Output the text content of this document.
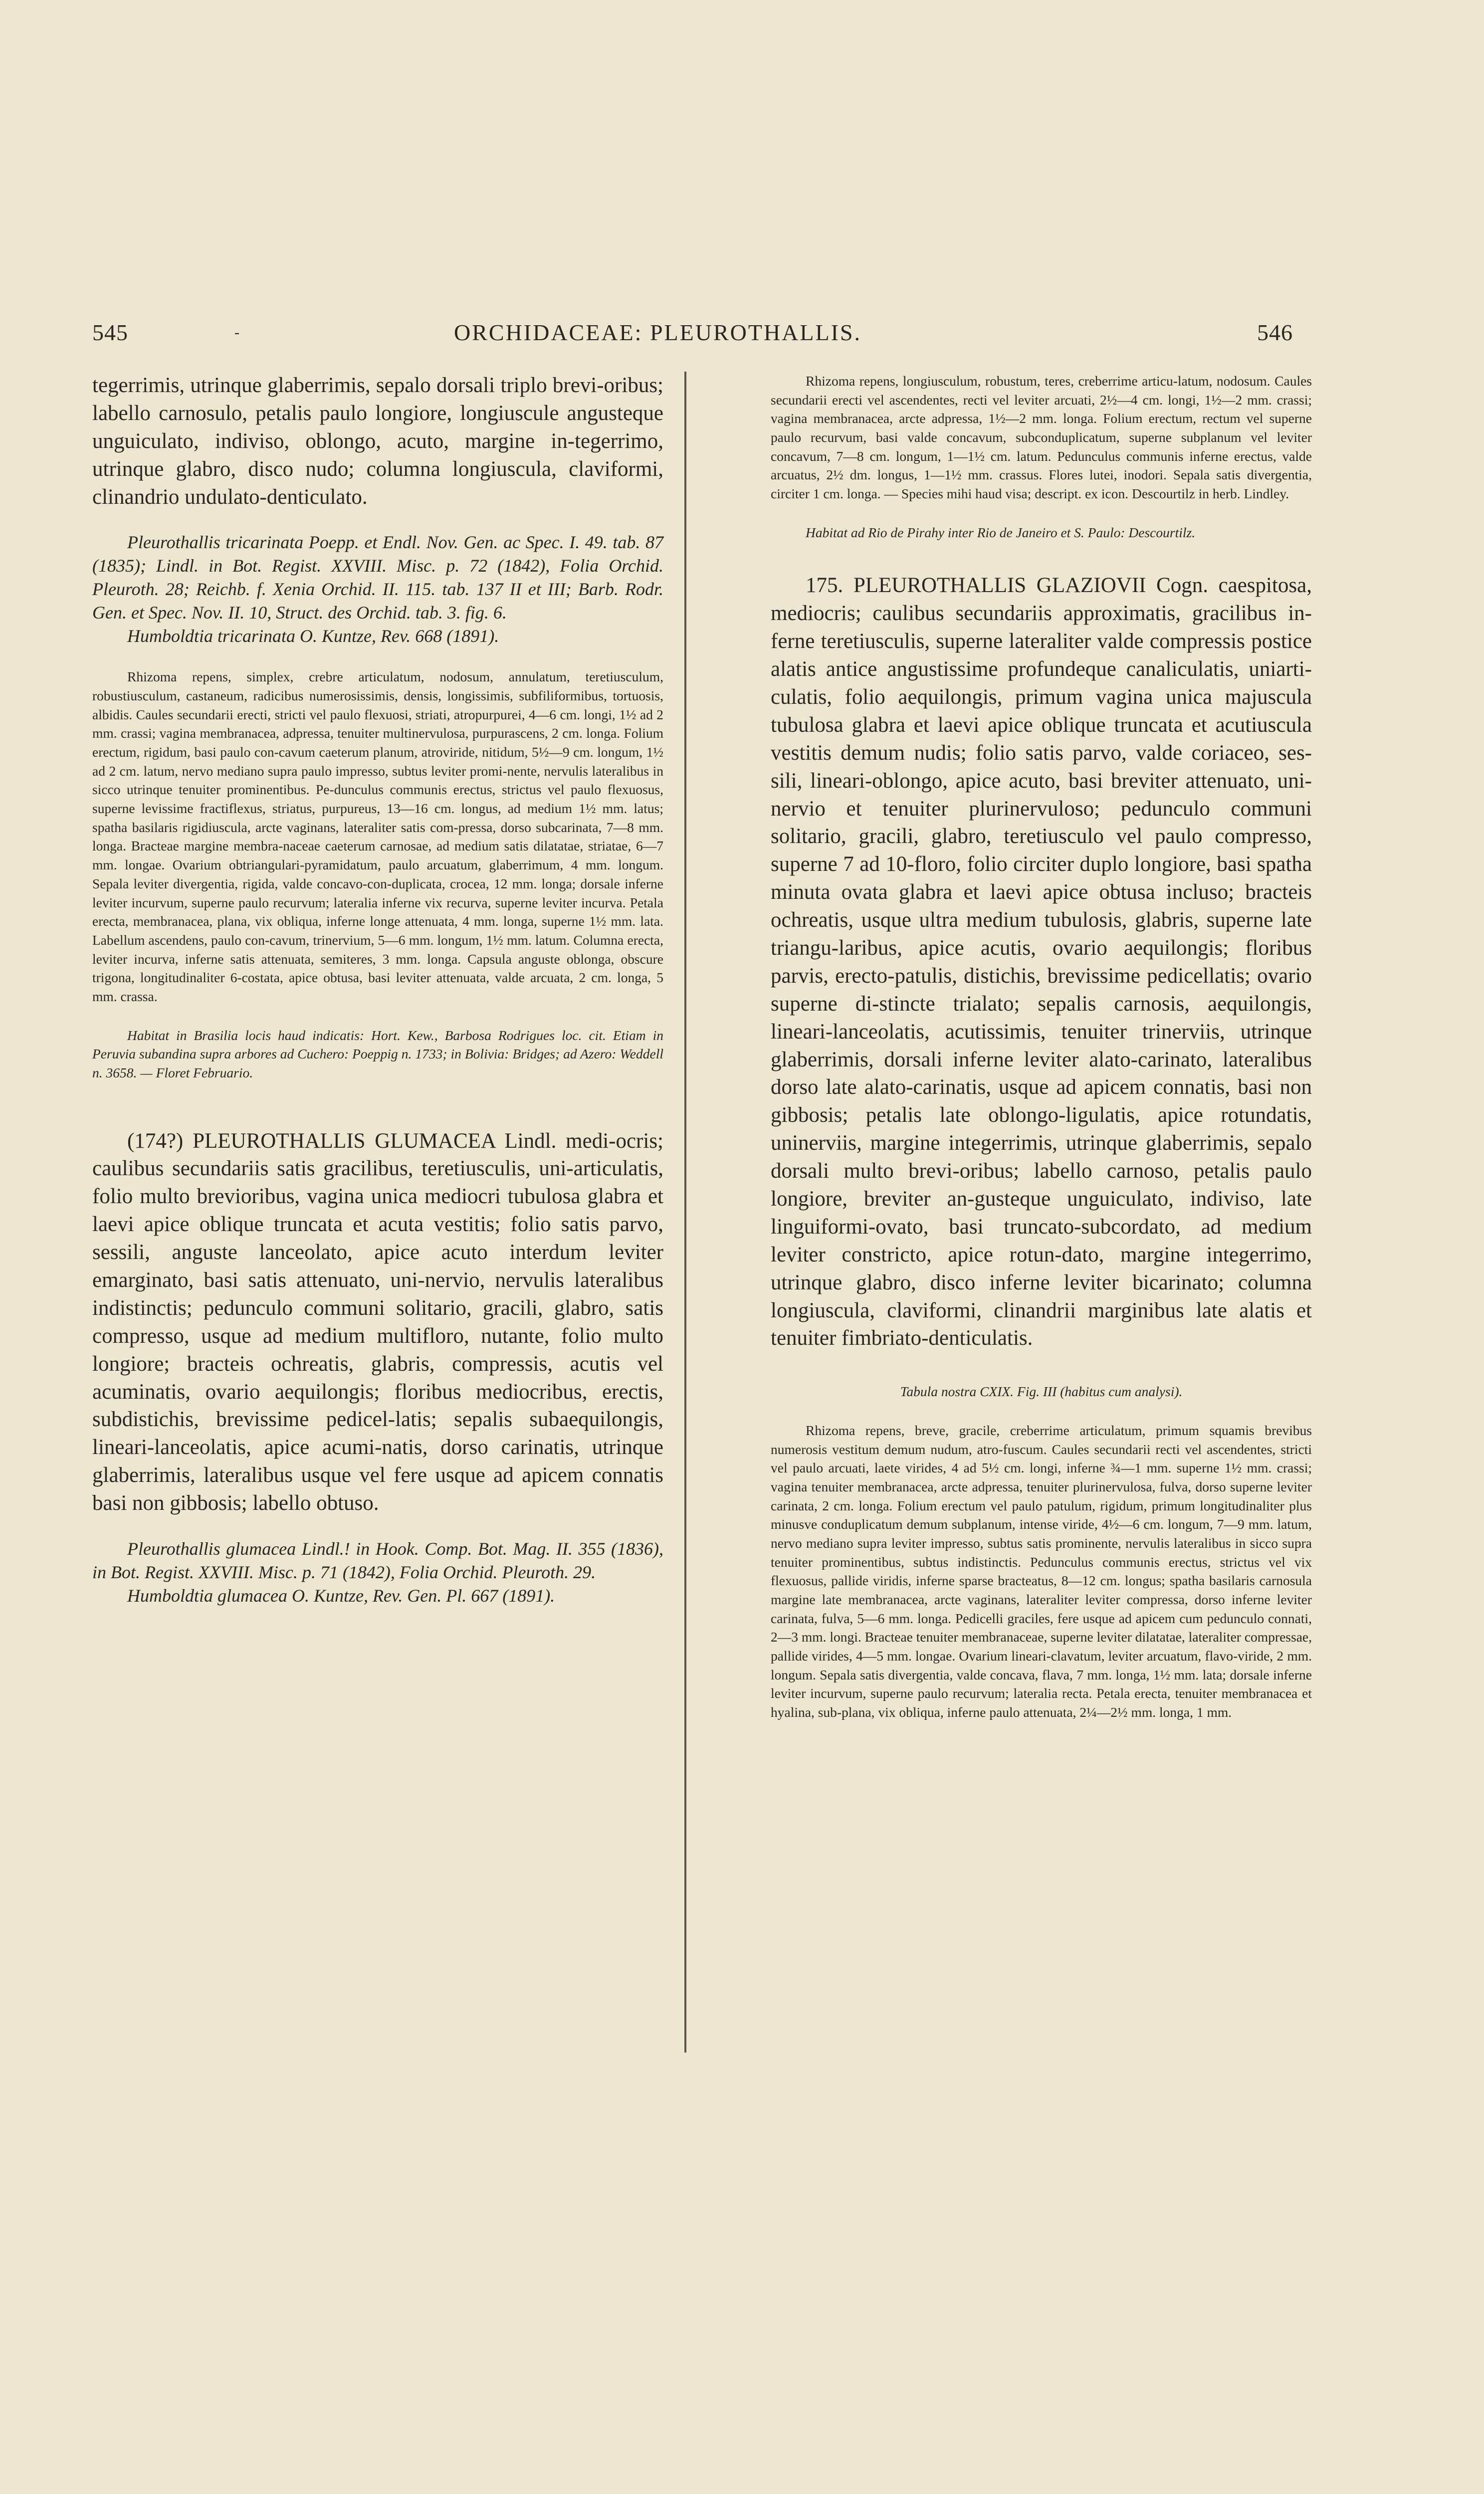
545	-	ORCHIDACEAE: PLEUROTHALLIS.	546

tegerrimis, utrinque glaberrimis, sepalo dorsali triplo brevi-oribus; labello carnosulo, petalis paulo longiore, longiuscule angusteque unguiculato, indiviso, oblongo, acuto, margine in-tegerrimo, utrinque glabro, disco nudo; columna longiuscula, claviformi, clinandrio undulato-denticulato.

Pleurothallis tricarinata Poepp. et Endl. Nov. Gen. ac Spec. I. 49. tab. 87 (1835); Lindl. in Bot. Regist. XXVIII. Misc. p. 72 (1842), Folia Orchid. Pleuroth. 28; Reichb. f. Xenia Orchid. II. 115. tab. 137 II et III; Barb. Rodr. Gen. et Spec. Nov. II. 10, Struct. des Orchid. tab. 3. fig. 6.

Humboldtia tricarinata O. Kuntze, Rev. 668 (1891).

Rhizoma repens, simplex, crebre articulatum, nodosum, annulatum, teretiusculum, robustiusculum, castaneum, radicibus numerosissimis, densis, longissimis, subfiliformibus, tortuosis, albidis. Caules secundarii erecti, stricti vel paulo flexuosi, striati, atropurpurei, 4—6 cm. longi, 1½ ad 2 mm. crassi; vagina membranacea, adpressa, tenuiter multinervulosa, purpurascens, 2 cm. longa. Folium erectum, rigidum, basi paulo con-cavum caeterum planum, atroviride, nitidum, 5½—9 cm. longum, 1½ ad 2 cm. latum, nervo mediano supra paulo impresso, subtus leviter promi-nente, nervulis lateralibus in sicco utrinque tenuiter prominentibus. Pe-dunculus communis erectus, strictus vel paulo flexuosus, superne levissime fractiflexus, striatus, purpureus, 13—16 cm. longus, ad medium 1½ mm. latus; spatha basilaris rigidiuscula, arcte vaginans, lateraliter satis com-pressa, dorso subcarinata, 7—8 mm. longa. Bracteae margine membra-naceae caeterum carnosae, ad medium satis dilatatae, striatae, 6—7 mm. longae. Ovarium obtriangulari-pyramidatum, paulo arcuatum, glaberrimum, 4 mm. longum. Sepala leviter divergentia, rigida, valde concavo-con-duplicata, crocea, 12 mm. longa; dorsale inferne leviter incurvum, superne paulo recurvum; lateralia inferne vix recurva, superne leviter incurva. Petala erecta, membranacea, plana, vix obliqua, inferne longe attenuata, 4 mm. longa, superne 1½ mm. lata. Labellum ascendens, paulo con-cavum, trinervium, 5—6 mm. longum, 1½ mm. latum. Columna erecta, leviter incurva, inferne satis attenuata, semiteres, 3 mm. longa. Capsula anguste oblonga, obscure trigona, longitudinaliter 6-costata, apice obtusa, basi leviter attenuata, valde arcuata, 2 cm. longa, 5 mm. crassa.

Habitat in Brasilia locis haud indicatis: Hort. Kew., Barbosa Rodrigues loc. cit. Etiam in Peruvia subandina supra arbores ad Cuchero: Poeppig n. 1733; in Bolivia: Bridges; ad Azero: Weddell n. 3658. — Floret Februario.

(174?) PLEUROTHALLIS GLUMACEA Lindl. medi-ocris; caulibus secundariis satis gracilibus, teretiusculis, uni-articulatis, folio multo brevioribus, vagina unica mediocri tubulosa glabra et laevi apice oblique truncata et acuta vestitis; folio satis parvo, sessili, anguste lanceolato, apice acuto interdum leviter emarginato, basi satis attenuato, uni-nervio, nervulis lateralibus indistinctis; pedunculo communi solitario, gracili, glabro, satis compresso, usque ad medium multifloro, nutante, folio multo longiore; bracteis ochreatis, glabris, compressis, acutis vel acuminatis, ovario aequilongis; floribus mediocribus, erectis, subdistichis, brevissime pedicel-latis; sepalis subaequilongis, lineari-lanceolatis, apice acumi-natis, dorso carinatis, utrinque glaberrimis, lateralibus usque vel fere usque ad apicem connatis basi non gibbosis; labello obtuso.

Pleurothallis glumacea Lindl.! in Hook. Comp. Bot. Mag. II. 355 (1836), in Bot. Regist. XXVIII. Misc. p. 71 (1842), Folia Orchid. Pleuroth. 29.

Humboldtia glumacea O. Kuntze, Rev. Gen. Pl. 667 (1891).

Rhizoma repens, longiusculum, robustum, teres, creberrime articu-latum, nodosum. Caules secundarii erecti vel ascendentes, recti vel leviter arcuati, 2½—4 cm. longi, 1½—2 mm. crassi; vagina membranacea, arcte adpressa, 1½—2 mm. longa. Folium erectum, rectum vel superne paulo recurvum, basi valde concavum, subconduplicatum, superne subplanum vel leviter concavum, 7—8 cm. longum, 1—1½ cm. latum. Pedunculus communis inferne erectus, valde arcuatus, 2½ dm. longus, 1—1½ mm. crassus. Flores lutei, inodori. Sepala satis divergentia, circiter 1 cm. longa. — Species mihi haud visa; descript. ex icon. Descourtilz in herb. Lindley.

Habitat ad Rio de Pirahy inter Rio de Janeiro et S. Paulo: Descourtilz.

175. PLEUROTHALLIS GLAZIOVII Cogn. caespitosa, mediocris; caulibus secundariis approximatis, gracilibus in-ferne teretiusculis, superne lateraliter valde compressis postice alatis antice angustissime profundeque canaliculatis, uniarti-culatis, folio aequilongis, primum vagina unica majuscula tubulosa glabra et laevi apice oblique truncata et acutiuscula vestitis demum nudis; folio satis parvo, valde coriaceo, ses-sili, lineari-oblongo, apice acuto, basi breviter attenuato, uni-nervio et tenuiter plurinervuloso; pedunculo communi solitario, gracili, glabro, teretiusculo vel paulo compresso, superne 7 ad 10-floro, folio circiter duplo longiore, basi spatha minuta ovata glabra et laevi apice obtusa incluso; bracteis ochreatis, usque ultra medium tubulosis, glabris, superne late triangu-laribus, apice acutis, ovario aequilongis; floribus parvis, erecto-patulis, distichis, brevissime pedicellatis; ovario superne di-stincte trialato; sepalis carnosis, aequilongis, lineari-lanceolatis, acutissimis, tenuiter trinerviis, utrinque glaberrimis, dorsali inferne leviter alato-carinato, lateralibus dorso late alato-carinatis, usque ad apicem connatis, basi non gibbosis; petalis late oblongo-ligulatis, apice rotundatis, uninerviis, margine integerrimis, utrinque glaberrimis, sepalo dorsali multo brevi-oribus; labello carnoso, petalis paulo longiore, breviter an-gusteque unguiculato, indiviso, late linguiformi-ovato, basi truncato-subcordato, ad medium leviter constricto, apice rotun-dato, margine integerrimo, utrinque glabro, disco inferne leviter bicarinato; columna longiuscula, claviformi, clinandrii marginibus late alatis et tenuiter fimbriato-denticulatis.

Tabula nostra CXIX. Fig. III (habitus cum analysi).

Rhizoma repens, breve, gracile, creberrime articulatum, primum squamis brevibus numerosis vestitum demum nudum, atro-fuscum. Caules secundarii recti vel ascendentes, stricti vel paulo arcuati, laete virides, 4 ad 5½ cm. longi, inferne ¾—1 mm. superne 1½ mm. crassi; vagina tenuiter membranacea, arcte adpressa, tenuiter plurinervulosa, fulva, dorso superne leviter carinata, 2 cm. longa. Folium erectum vel paulo patulum, rigidum, primum longitudinaliter plus minusve conduplicatum demum subplanum, intense viride, 4½—6 cm. longum, 7—9 mm. latum, nervo mediano supra leviter impresso, subtus satis prominente, nervulis lateralibus in sicco supra tenuiter prominentibus, subtus indistinctis. Pedunculus communis erectus, strictus vel vix flexuosus, pallide viridis, inferne sparse bracteatus, 8—12 cm. longus; spatha basilaris carnosula margine late membranacea, arcte vaginans, lateraliter leviter compressa, dorso inferne leviter carinata, fulva, 5—6 mm. longa. Pedicelli graciles, fere usque ad apicem cum pedunculo connati, 2—3 mm. longi. Bracteae tenuiter membranaceae, superne leviter dilatatae, lateraliter compressae, pallide virides, 4—5 mm. longae. Ovarium lineari-clavatum, leviter arcuatum, flavo-viride, 2 mm. longum. Sepala satis divergentia, valde concava, flava, 7 mm. longa, 1½ mm. lata; dorsale inferne leviter incurvum, superne paulo recurvum; lateralia recta. Petala erecta, tenuiter membranacea et hyalina, sub-plana, vix obliqua, inferne paulo attenuata, 2¼—2½ mm. longa, 1 mm.
